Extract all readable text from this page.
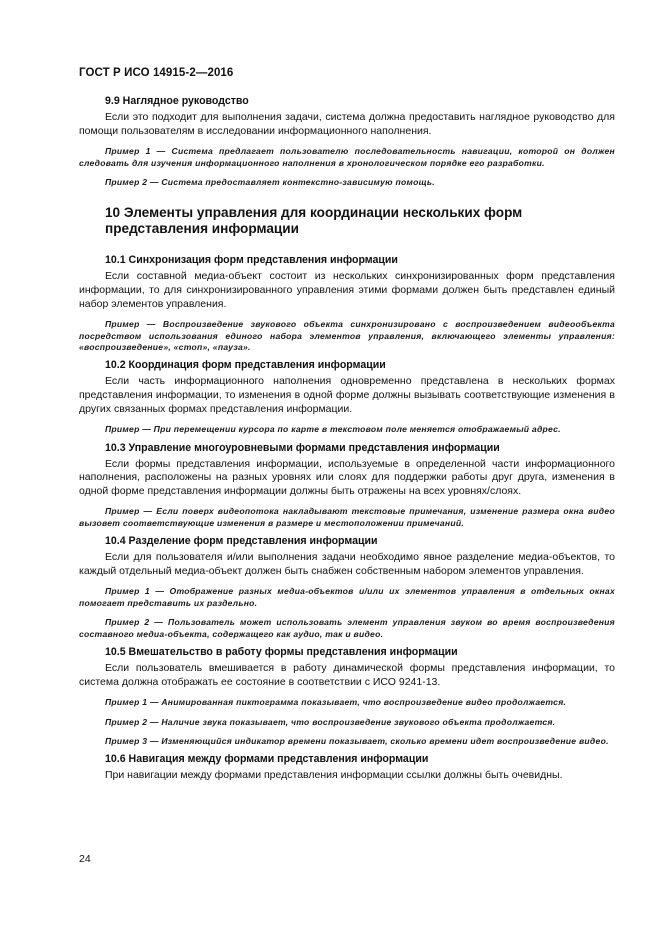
ГОСТ Р ИСО 14915-2—2016
9.9 Наглядное руководство
Если это подходит для выполнения задачи, система должна предоставить наглядное руководство для помощи пользователям в исследовании информационного наполнения.
Пример 1 — Система предлагает пользователю последовательность навигации, которой он должен следовать для изучения информационного наполнения в хронологическом порядке его разработки.
Пример 2 — Система предоставляет контекстно-зависимую помощь.
10 Элементы управления для координации нескольких форм представления информации
10.1 Синхронизация форм представления информации
Если составной медиа-объект состоит из нескольких синхронизированных форм представления информации, то для синхронизированного управления этими формами должен быть представлен единый набор элементов управления.
Пример — Воспроизведение звукового объекта синхронизировано с воспроизведением видеообъекта посредством использования единого набора элементов управления, включающего элементы управления: «воспроизведение», «стоп», «пауза».
10.2 Координация форм представления информации
Если часть информационного наполнения одновременно представлена в нескольких формах представления информации, то изменения в одной форме должны вызывать соответствующие изменения в других связанных формах представления информации.
Пример — При перемещении курсора по карте в текстовом поле меняется отображаемый адрес.
10.3 Управление многоуровневыми формами представления информации
Если формы представления информации, используемые в определенной части информационного наполнения, расположены на разных уровнях или слоях для поддержки работы друг друга, изменения в одной форме представления информации должны быть отражены на всех уровнях/слоях.
Пример — Если поверх видеопотока накладывают текстовые примечания, изменение размера окна видео вызовет соответствующие изменения в размере и местоположении примечаний.
10.4 Разделение форм представления информации
Если для пользователя и/или выполнения задачи необходимо явное разделение медиа-объектов, то каждый отдельный медиа-объект должен быть снабжен собственным набором элементов управления.
Пример 1 — Отображение разных медиа-объектов и/или их элементов управления в отдельных окнах помогает представить их раздельно.
Пример 2 — Пользователь может использовать элемент управления звуком во время воспроизведения составного медиа-объекта, содержащего как аудио, так и видео.
10.5 Вмешательство в работу формы представления информации
Если пользователь вмешивается в работу динамической формы представления информации, то система должна отображать ее состояние в соответствии с ИСО 9241-13.
Пример 1 — Анимированная пиктограмма показывает, что воспроизведение видео продолжается.
Пример 2 — Наличие звука показывает, что воспроизведение звукового объекта продолжается.
Пример 3 — Изменяющийся индикатор времени показывает, сколько времени идет воспроизведение видео.
10.6 Навигация между формами представления информации
При навигации между формами представления информации ссылки должны быть очевидны.
24
